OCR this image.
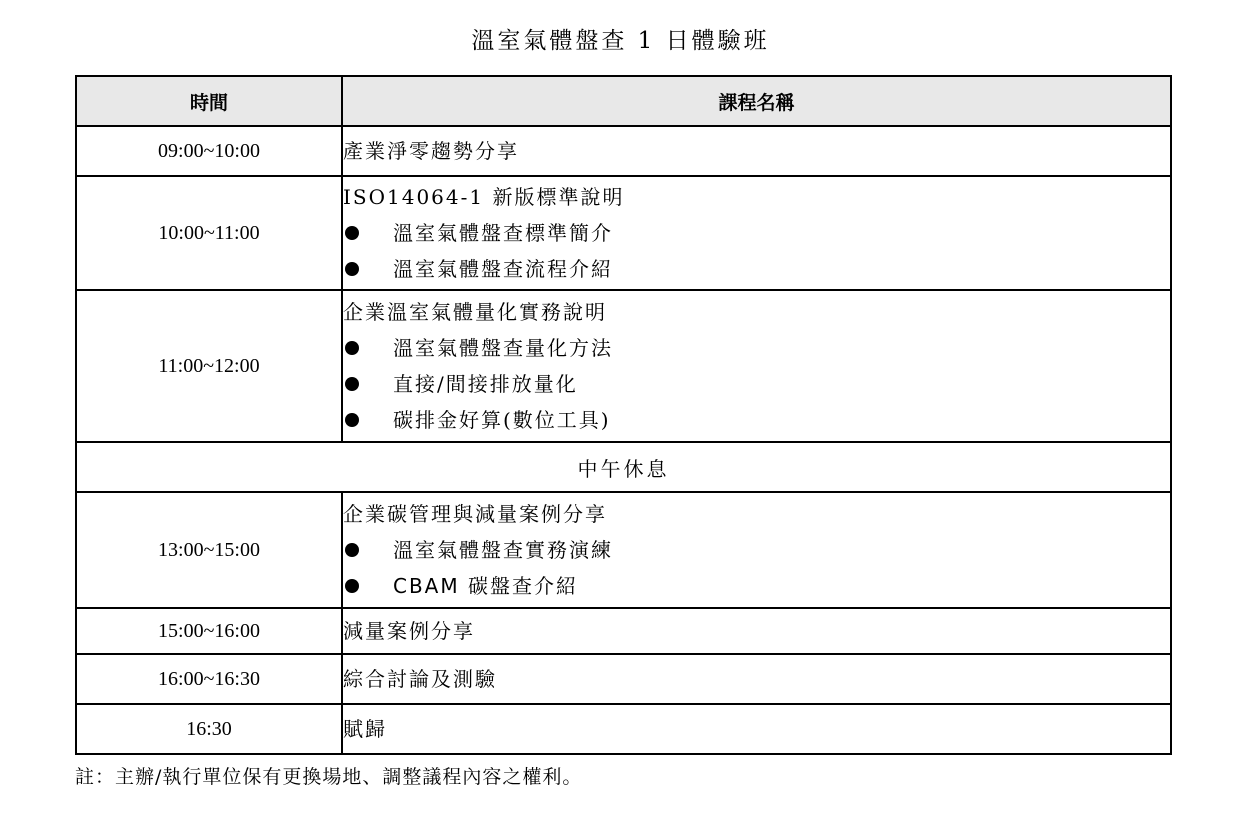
溫室氣體盤查 1 日體驗班
時間	課程名稱
09:00~10:00	產業淨零趨勢分享

10:00~11:00	ISO14064-1 新版標準說明
溫室氣體盤查標準簡介
溫室氣體盤查流程介紹

11:00~12:00	企業溫室氣體量化實務說明
溫室氣體盤查量化方法
直接/間接排放量化
碳排金好算(數位工具)

中午休息	
13:00~15:00	企業碳管理與減量案例分享
溫室氣體盤查實務演練
CBAM 碳盤查介紹

15:00~16:00	減量案例分享

16:00~16:30	綜合討論及測驗

16:30	賦歸
註：主辦/執行單位保有更換場地、調整議程內容之權利。
